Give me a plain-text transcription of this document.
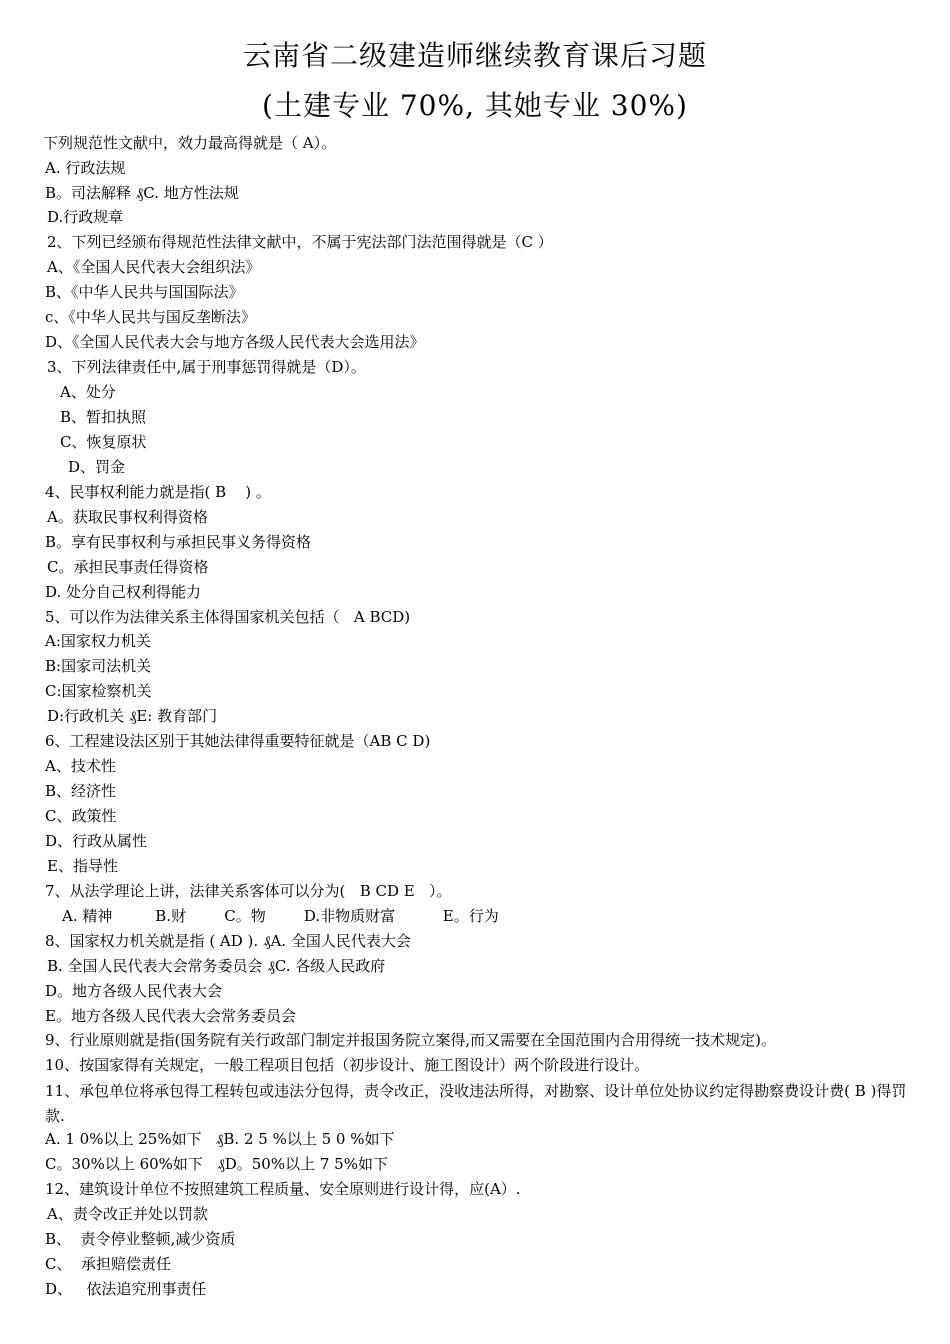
云南省二级建造师继续教育课后习题
(土建专业 70%, 其她专业 30%)
下列规范性文献中，效力最高得就是（ A）。
A. 行政法规
B。司法解释 ₰C. 地方性法规
D.行政规章
2、下列已经颁布得规范性法律文献中，不属于宪法部门法范围得就是（C ）
A、《全国人民代表大会组织法》
B、《中华人民共与国国际法》
c、《中华人民共与国反垄断法》
D、《全国人民代表大会与地方各级人民代表大会选用法》
3、下列法律责任中,属于刑事惩罚得就是（D）。
A、处分
B、暂扣执照
C、恢复原状
D、罚金
4、民事权利能力就是指( B    ) 。
A。获取民事权利得资格
B。享有民事权利与承担民事义务得资格
C。承担民事责任得资格
D. 处分自己权利得能力
5、可以作为法律关系主体得国家机关包括（   A BCD)
A:国家权力机关
B:国家司法机关
C:国家检察机关
D:行政机关 ₰E: 教育部门
6、工程建设法区别于其她法律得重要特征就是（AB C D)
A、技术性
B、经济性
C、政策性
D、行政从属性
E、指导性
7、从法学理论上讲，法律关系客体可以分为(   B CD E   ）。
A. 精神         B.财        C。物        D.非物质财富          E。行为
8、国家权力机关就是指 ( AD ). ₰A. 全国人民代表大会
B. 全国人民代表大会常务委员会 ₰C. 各级人民政府
D。地方各级人民代表大会
E。地方各级人民代表大会常务委员会
9、行业原则就是指(国务院有关行政部门制定并报国务院立案得,而又需要在全国范围内合用得统一技术规定)。
10、按国家得有关规定，一般工程项目包括（初步设计、施工图设计）两个阶段进行设计。
11、承包单位将承包得工程转包或违法分包得，责令改正，没收违法所得，对勘察、设计单位处协议约定得勘察费设计费( B )得罚款.
A. 1 0%以上 25%如下   ₰B. 2 5 %以上 5 0 %如下
C。30%以上 60%如下   ₰D。50%以上 7 5%如下
12、建筑设计单位不按照建筑工程质量、安全原则进行设计得，应(A）.
A、责令改正并处以罚款
B、  责令停业整顿,减少资质
C、  承担赔偿责任
D、   依法追究刑事责任
